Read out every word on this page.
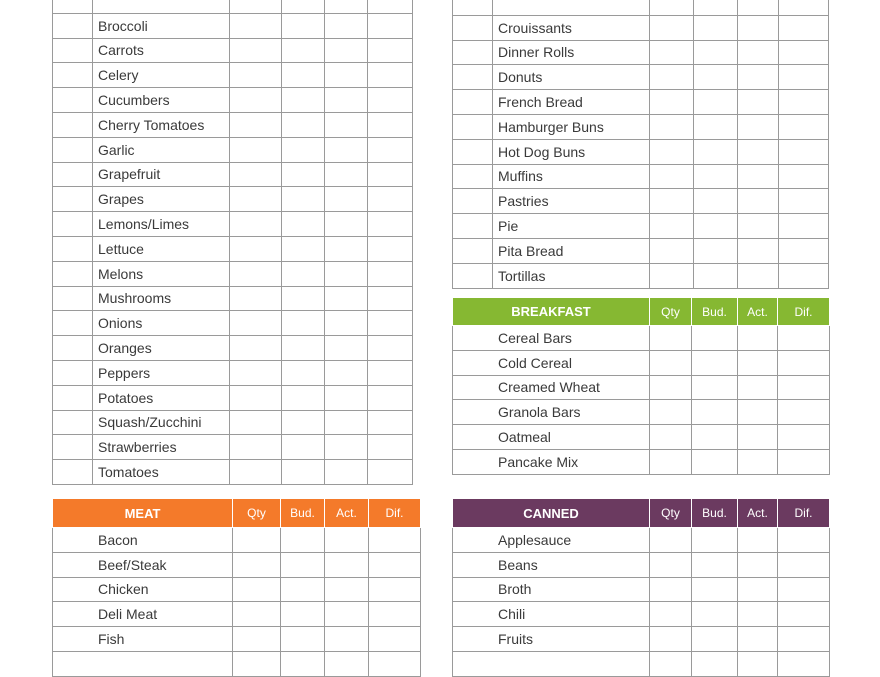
	Broccoli				
	Carrots				
	Celery				
	Cucumbers				
	Cherry Tomatoes				
	Garlic				
	Grapefruit				
	Grapes				
	Lemons/Limes				
	Lettuce				
	Melons				
	Mushrooms				
	Onions				
	Oranges				
	Peppers				
	Potatoes				
	Squash/Zucchini				
	Strawberries				
	Tomatoes				

	Crouissants				
	Dinner Rolls				
	Donuts				
	French Bread				
	Hamburger Buns				
	Hot Dog Buns				
	Muffins				
	Pastries				
	Pie				
	Pita Bread				
	Tortillas				
BREAKFAST	Qty	Bud.	Act.	Dif.
Cereal Bars				
Cold Cereal				
Creamed Wheat				
Granola Bars				
Oatmeal				
Pancake Mix				
MEAT	Qty	Bud.	Act.	Dif.
Bacon				
Beef/Steak				
Chicken				
Deli Meat				
Fish				

CANNED	Qty	Bud.	Act.	Dif.
Applesauce				
Beans				
Broth				
Chili				
Fruits				
